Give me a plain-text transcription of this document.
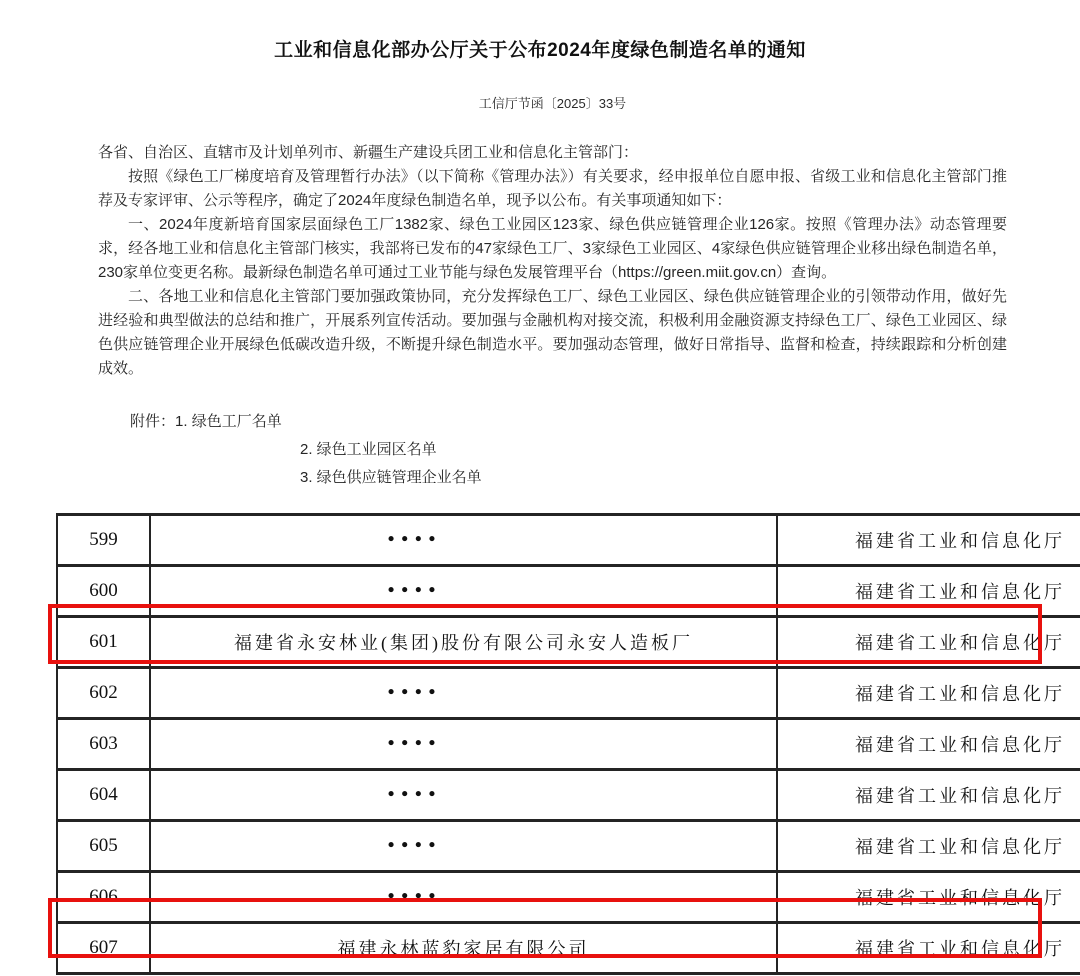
工业和信息化部办公厅关于公布2024年度绿色制造名单的通知
工信厅节函〔2025〕33号

各省、自治区、直辖市及计划单列市、新疆生产建设兵团工业和信息化主管部门：

按照《绿色工厂梯度培育及管理暂行办法》（以下简称《管理办法》）有关要求，经申报单位自愿申报、省级工业和信息化主管部门推荐及专家评审、公示等程序，确定了2024年度绿色制造名单，现予以公布。有关事项通知如下：

一、2024年度新培育国家层面绿色工厂1382家、绿色工业园区123家、绿色供应链管理企业126家。按照《管理办法》动态管理要求，经各地工业和信息化主管部门核实，我部将已发布的47家绿色工厂、3家绿色工业园区、4家绿色供应链管理企业移出绿色制造名单，230家单位变更名称。最新绿色制造名单可通过工业节能与绿色发展管理平台（https://green.miit.gov.cn）查询。

二、各地工业和信息化主管部门要加强政策协同，充分发挥绿色工厂、绿色工业园区、绿色供应链管理企业的引领带动作用，做好先进经验和典型做法的总结和推广，开展系列宣传活动。要加强与金融机构对接交流，积极利用金融资源支持绿色工厂、绿色工业园区、绿色供应链管理企业开展绿色低碳改造升级，不断提升绿色制造水平。要加强动态管理，做好日常指导、监督和检查，持续跟踪和分析创建成效。

附件：1. 绿色工厂名单
2. 绿色工业园区名单
3. 绿色供应链管理企业名单
599	••••	福建省工业和信息化厅
600	••••	福建省工业和信息化厅
601	福建省永安林业(集团)股份有限公司永安人造板厂	福建省工业和信息化厅
602	••••	福建省工业和信息化厅
603	••••	福建省工业和信息化厅
604	••••	福建省工业和信息化厅
605	••••	福建省工业和信息化厅
606	••••	福建省工业和信息化厅
607	福建永林蓝豹家居有限公司	福建省工业和信息化厅
